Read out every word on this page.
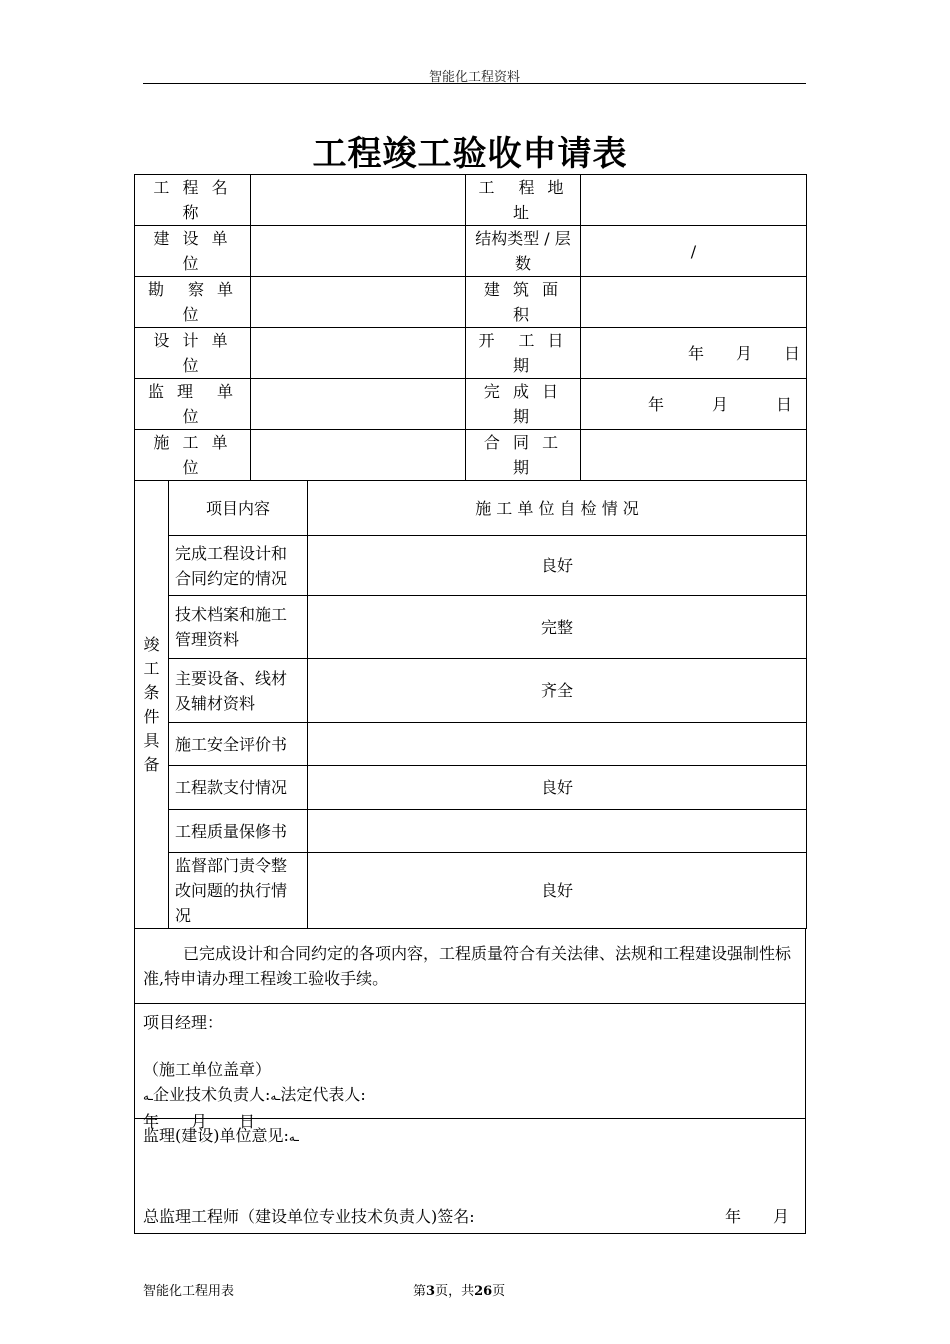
智能化工程资料
工程竣工验收申请表
工 程 名 称		工　程 地 址	
建 设 单 位		结构类型 / 层数	/
勘　察 单 位		建 筑 面 积	
设 计 单 位		开　工 日 期	年　　月　　日
监 理　单 位		完 成 日 期	年　　　月　　　日
施 工 单 位		合 同 工 期	
竣工条件具备	项目内容	施 工 单 位 自 检 情 况
	完成工程设计和合同约定的情况	良好
	技术档案和施工管理资料	完整
	主要设备、线材及辅材资料	齐全
	施工安全评价书	
	工程款支付情况	良好
	工程质量保修书	
	监督部门责令整改问题的执行情况	良好
已完成设计和合同约定的各项内容，工程质量符合有关法律、法规和工程建设强制性标准,特申请办理工程竣工验收手续。
项目经理：
（施工单位盖章）
ـه企业技术负责人:ـه法定代表人:
年　　月　　日
监理(建设)单位意见:ـه
总监理工程师（建设单位专业技术负责人)签名:	年　　月
智能化工程用表	第3页，共26页
